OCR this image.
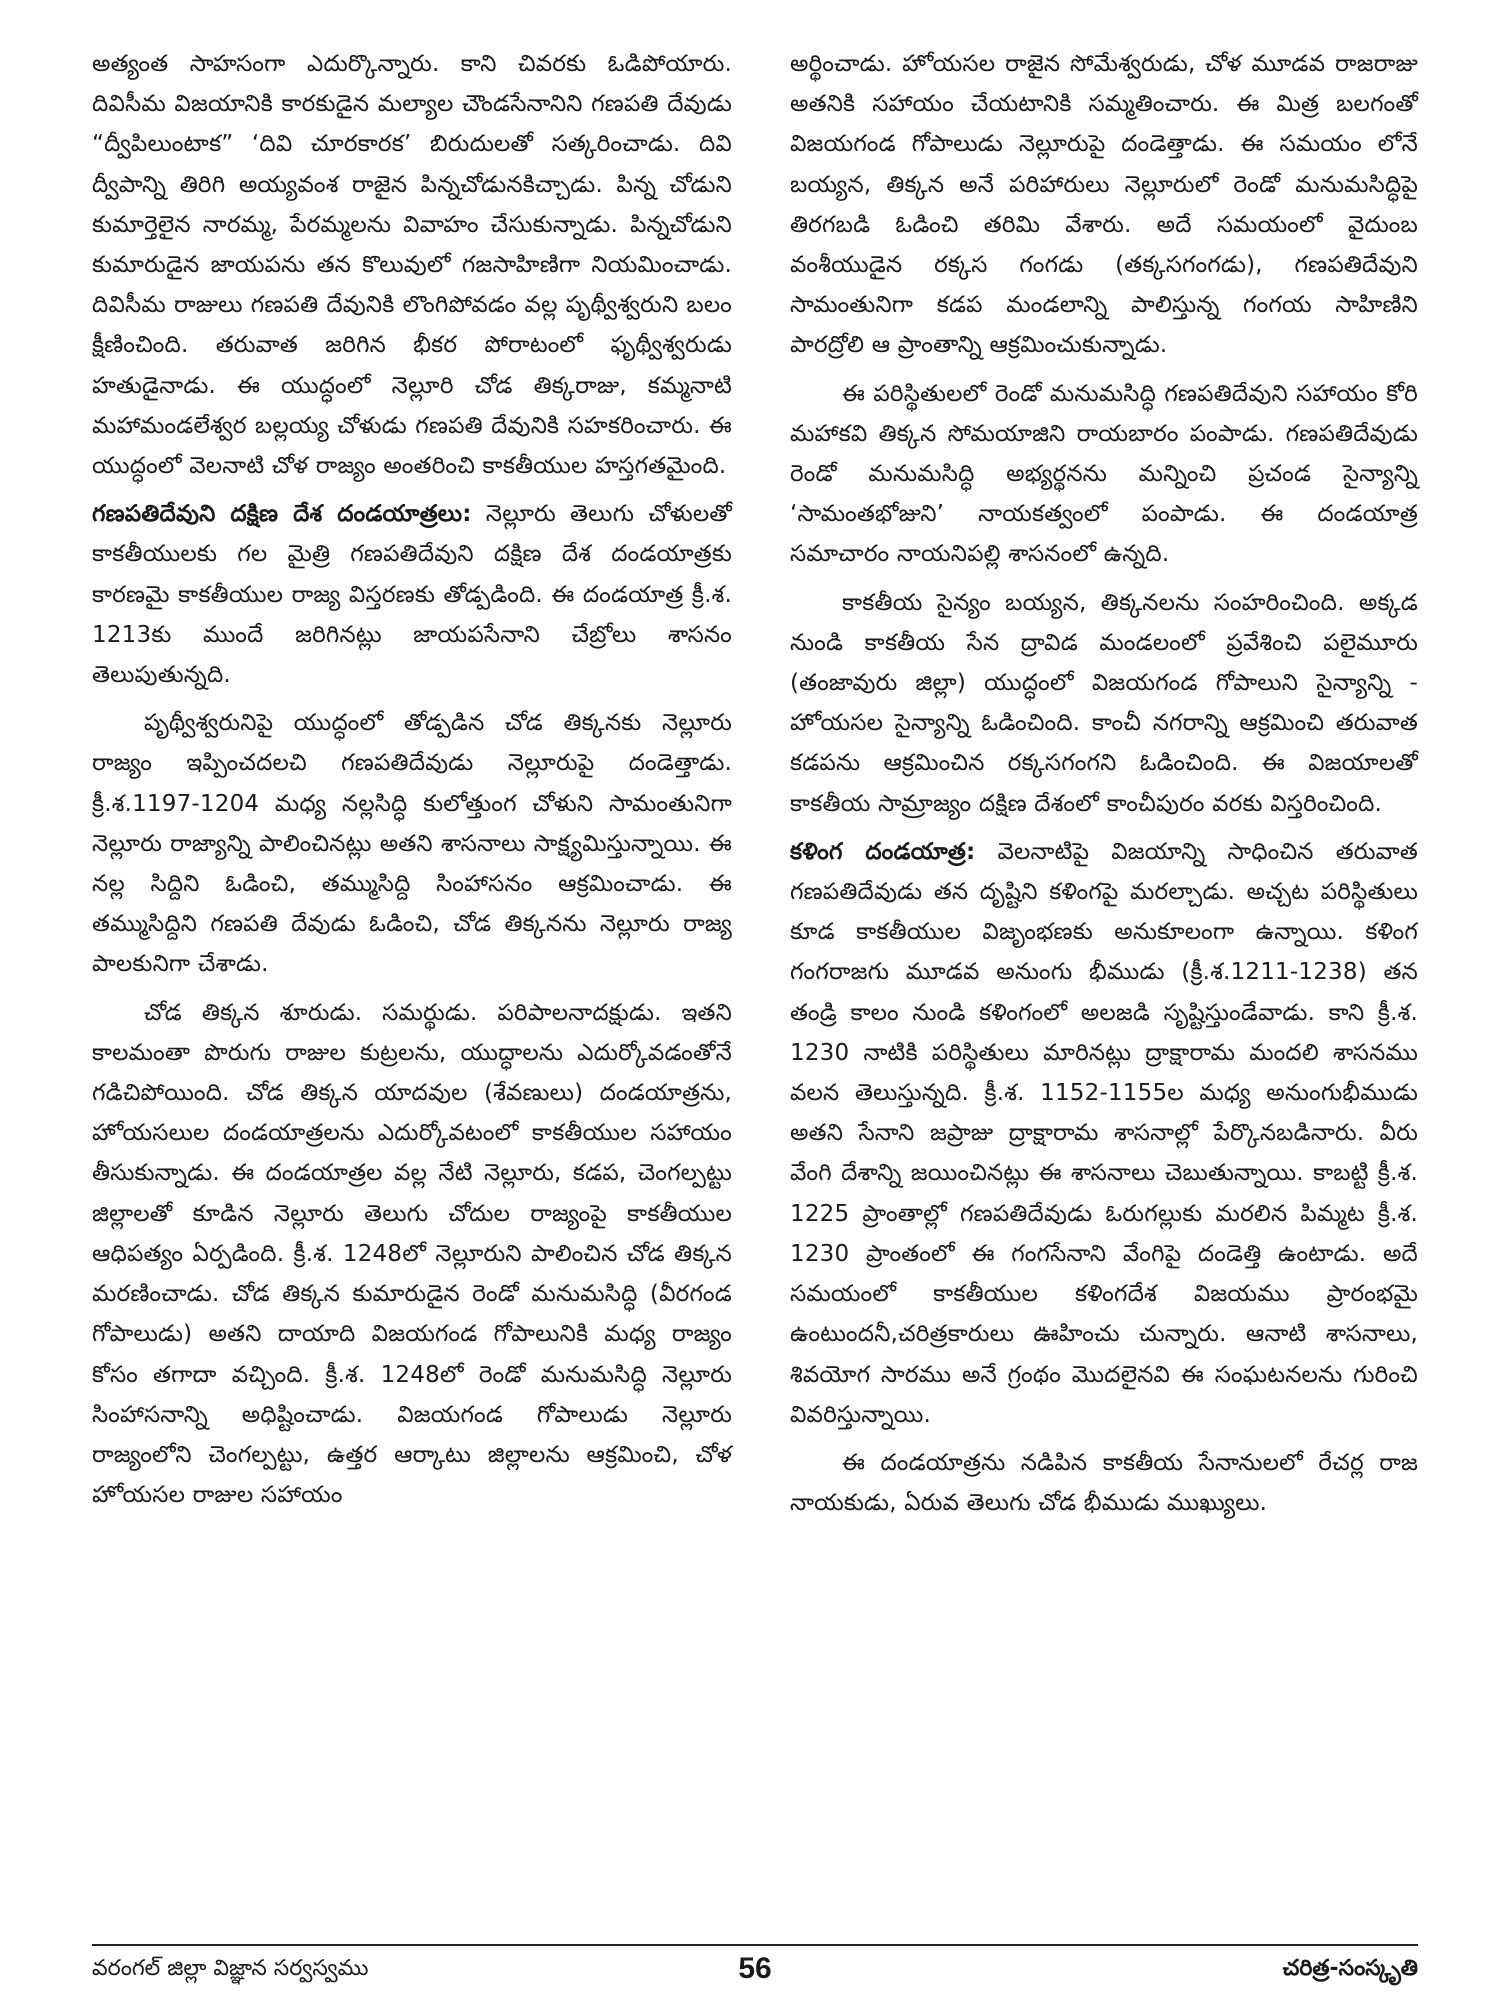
అత్యంత సాహసంగా ఎదుర్కొన్నారు. కాని చివరకు ఓడిపోయారు. దివిసీమ విజయానికి కారకుడైన మల్యాల చౌండసేనానిని గణపతి దేవుడు “ద్వీపిలుంటాక” ‘దివి చూరకారక’ బిరుదులతో సత్కరించాడు. దివి ద్వీపాన్ని తిరిగి అయ్యవంశ రాజైన పిన్నచోడునకిచ్చాడు. పిన్న చోడుని కుమార్తెలైన నారమ్మ, పేరమ్మలను వివాహం చేసుకున్నాడు. పిన్నచోడుని కుమారుడైన జాయపను తన కొలువులో గజసాహిణిగా నియమించాడు. దివిసీమ రాజులు గణపతి దేవునికి లొంగిపోవడం వల్ల పృథ్వీశ్వరుని బలం క్షీణించింది. తరువాత జరిగిన భీకర పోరాటంలో ఫృథ్వీశ్వరుడు హతుడైనాడు. ఈ యుద్ధంలో నెల్లూరి చోడ తిక్కరాజు, కమ్మనాటి మహామండలేశ్వర బల్లయ్య చోళుడు గణపతి దేవునికి సహకరించారు. ఈ యుద్ధంలో వెలనాటి చోళ రాజ్యం అంతరించి కాకతీయుల హస్తగతమైంది.

గణపతిదేవుని దక్షిణ దేశ దండయాత్రలు: నెల్లూరు తెలుగు చోళులతో కాకతీయులకు గల మైత్రి గణపతిదేవుని దక్షిణ దేశ దండయాత్రకు కారణమై కాకతీయుల రాజ్య విస్తరణకు తోడ్పడింది. ఈ దండయాత్ర క్రీ.శ. 1213కు ముందే జరిగినట్లు జాయపసేనాని చేబ్రోలు శాసనం తెలుపుతున్నది.

పృథ్వీశ్వరునిపై యుద్ధంలో తోడ్పడిన చోడ తిక్కనకు నెల్లూరు రాజ్యం ఇప్పించదలచి గణపతిదేవుడు నెల్లూరుపై దండెత్తాడు. క్రీ.శ.1197-1204 మధ్య నల్లసిద్ధి కులోత్తుంగ చోళుని సామంతునిగా నెల్లూరు రాజ్యాన్ని పాలించినట్లు అతని శాసనాలు సాక్ష్యమిస్తున్నాయి. ఈ నల్ల సిద్దిని ఓడించి, తమ్ముసిద్ది సింహాసనం ఆక్రమించాడు. ఈ తమ్ముసిద్దిని గణపతి దేవుడు ఓడించి, చోడ తిక్కనను నెల్లూరు రాజ్య పాలకునిగా చేశాడు.

చోడ తిక్కన శూరుడు. సమర్థుడు. పరిపాలనాదక్షుడు. ఇతని కాలమంతా పొరుగు రాజుల కుట్రలను, యుద్ధాలను ఎదుర్కోవడంతోనే గడిచిపోయింది. చోడ తిక్కన యాదవుల (శేవణులు) దండయాత్రను, హోయసలుల దండయాత్రలను ఎదుర్కోవటంలో కాకతీయుల సహాయం తీసుకున్నాడు. ఈ దండయాత్రల వల్ల నేటి నెల్లూరు, కడప, చెంగల్పట్టు జిల్లాలతో కూడిన నెల్లూరు తెలుగు చోదుల రాజ్యంపై కాకతీయుల ఆధిపత్యం ఏర్పడింది. క్రీ.శ. 1248లో నెల్లూరుని పాలించిన చోడ తిక్కన మరణించాడు. చోడ తిక్కన కుమారుడైన రెండో మనుమసిద్ధి (వీరగండ గోపాలుడు) అతని దాయాది విజయగండ గోపాలునికి మధ్య రాజ్యం కోసం తగాదా వచ్చింది. క్రీ.శ. 1248లో రెండో మనుమసిద్ధి నెల్లూరు సింహాసనాన్ని అధిష్టించాడు. విజయగండ గోపాలుడు నెల్లూరు రాజ్యంలోని చెంగల్పట్టు, ఉత్తర ఆర్కాటు జిల్లాలను ఆక్రమించి, చోళ హోయసల రాజుల సహాయం

అర్థించాడు. హోయసల రాజైన సోమేశ్వరుడు, చోళ మూడవ రాజరాజు అతనికి సహాయం చేయటానికి సమ్మతించారు. ఈ మిత్ర బలగంతో విజయగండ గోపాలుడు నెల్లూరుపై దండెత్తాడు. ఈ సమయం లోనే బయ్యన, తిక్కన అనే పరిహారులు నెల్లూరులో రెండో మనుమసిద్ధిపై తిరగబడి ఓడించి తరిమి వేశారు. అదే సమయంలో వైదుంబ వంశీయుడైన రక్కస గంగడు (తక్కసగంగడు), గణపతిదేవుని సామంతునిగా కడప మండలాన్ని పాలిస్తున్న గంగయ సాహిణిని పారద్రోలి ఆ ప్రాంతాన్ని ఆక్రమించుకున్నాడు.

ఈ పరిస్థితులలో రెండో మనుమసిద్ధి గణపతిదేవుని సహాయం కోరి మహాకవి తిక్కన సోమయాజిని రాయబారం పంపాడు. గణపతిదేవుడు రెండో మనుమసిద్ధి అభ్యర్థనను మన్నించి ప్రచండ సైన్యాన్ని ‘సామంతభోజుని’ నాయకత్వంలో పంపాడు. ఈ దండయాత్ర సమాచారం నాయనిపల్లి శాసనంలో ఉన్నది.

కాకతీయ సైన్యం బయ్యన, తిక్కనలను సంహరించింది. అక్కడ నుండి కాకతీయ సేన ద్రావిడ మండలంలో ప్రవేశించి పలైమూరు (తంజావురు జిల్లా) యుద్ధంలో విజయగండ గోపాలుని సైన్యాన్ని - హోయసల సైన్యాన్ని ఓడించింది. కాంచీ నగరాన్ని ఆక్రమించి తరువాత కడపను ఆక్రమించిన రక్కసగంగని ఓడించింది. ఈ విజయాలతో కాకతీయ సామ్రాజ్యం దక్షిణ దేశంలో కాంచీపురం వరకు విస్తరించింది.

కళింగ దండయాత్ర: వెలనాటిపై విజయాన్ని సాధించిన తరువాత గణపతిదేవుడు తన దృష్టిని కళింగపై మరల్చాడు. అచ్చట పరిస్థితులు కూడ కాకతీయుల విజృంభణకు అనుకూలంగా ఉన్నాయి. కళింగ గంగరాజగు మూడవ అనుంగు భీముడు (క్రీ.శ.1211-1238) తన తండ్రి కాలం నుండి కళింగంలో అలజడి సృష్టిస్తుండేవాడు. కాని క్రీ.శ. 1230 నాటికి పరిస్థితులు మారినట్లు ద్రాక్షారామ మందలి శాసనము వలన తెలుస్తున్నది. క్రీ.శ. 1152-1155ల మధ్య అనుంగుభీముడు అతని సేనాని జప్రాజు ద్రాక్షారామ శాసనాల్లో పేర్కొనబడినారు. వీరు వేంగి దేశాన్ని జయించినట్లు ఈ శాసనాలు చెబుతున్నాయి. కాబట్టి క్రీ.శ. 1225 ప్రాంతాల్లో గణపతిదేవుడు ఓరుగల్లుకు మరలిన పిమ్మట క్రీ.శ. 1230 ప్రాంతంలో ఈ గంగసేనాని వేంగిపై దండెత్తి ఉంటాడు. అదే సమయంలో కాకతీయుల కళింగదేశ విజయము ప్రారంభమై ఉంటుందనీ,చరిత్రకారులు ఊహించు చున్నారు. ఆనాటి శాసనాలు, శివయోగ సారము అనే గ్రంథం మొదలైనవి ఈ సంఘటనలను గురించి వివరిస్తున్నాయి.

ఈ దండయాత్రను నడిపిన కాకతీయ సేనానులలో రేచర్ల రాజ నాయకుడు, ఏరువ తెలుగు చోడ భీముడు ముఖ్యులు.

వరంగల్ జిల్లా విజ్ఞాన సర్వస్వము	56	చరిత్ర-సంస్కృతి
